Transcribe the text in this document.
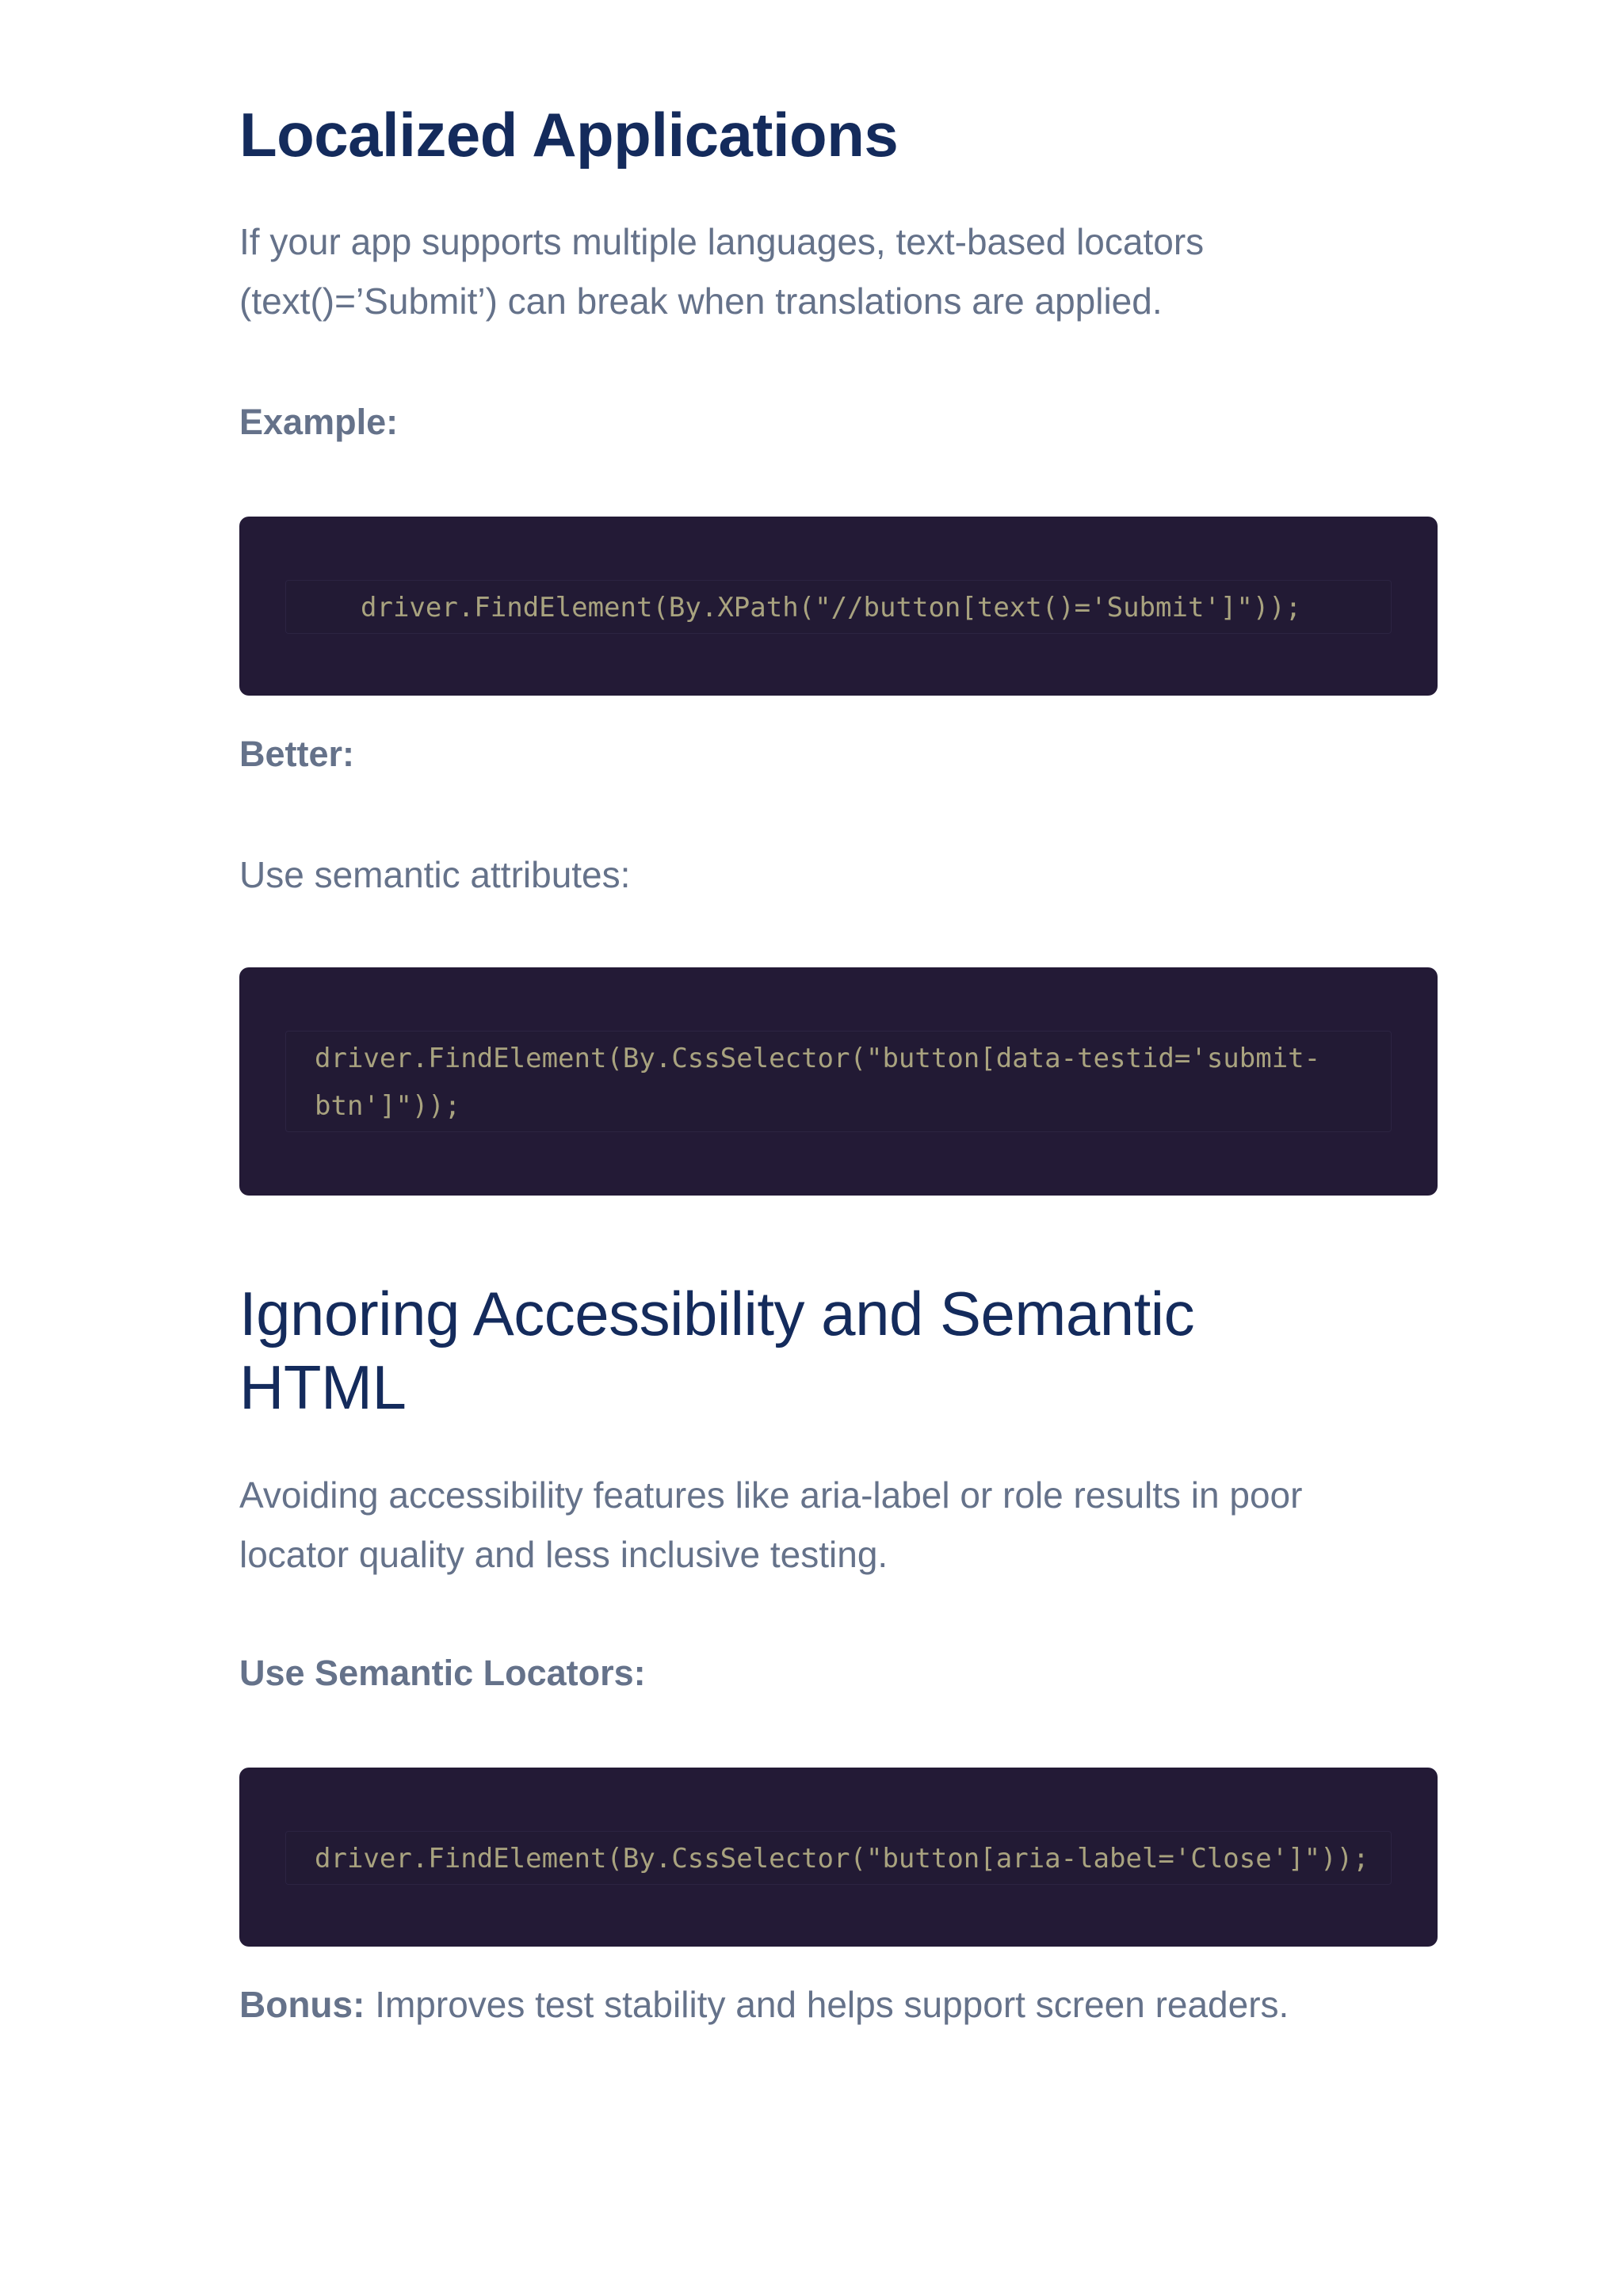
Localized Applications
If your app supports multiple languages, text-based locators
(text()=’Submit’) can break when translations are applied.
Example:
driver.FindElement(By.XPath("//button[text()='Submit']"));
Better:
Use semantic attributes:
driver.FindElement(By.CssSelector("button[data-testid='submit-
btn']"));
Ignoring Accessibility and Semantic
HTML
Avoiding accessibility features like aria-label or role results in poor
locator quality and less inclusive testing.
Use Semantic Locators:
driver.FindElement(By.CssSelector("button[aria-label='Close']"));
Bonus: Improves test stability and helps support screen readers.
